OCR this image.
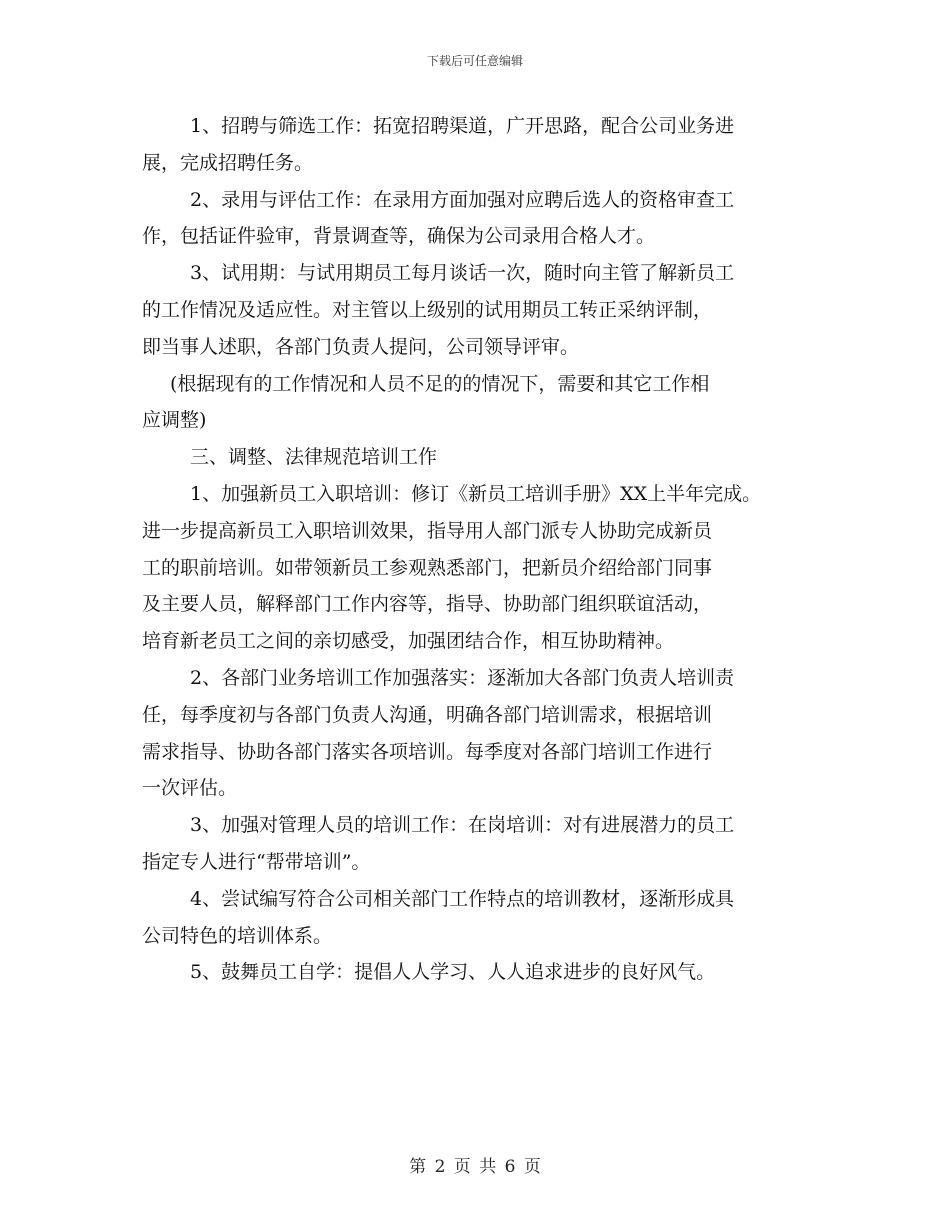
下载后可任意编辑
1、招聘与筛选工作：拓宽招聘渠道，广开思路，配合公司业务进
展，完成招聘任务。
2、录用与评估工作：在录用方面加强对应聘后选人的资格审查工
作，包括证件验审，背景调查等，确保为公司录用合格人才。
3、试用期：与试用期员工每月谈话一次，随时向主管了解新员工
的工作情况及适应性。对主管以上级别的试用期员工转正采纳评制，
即当事人述职，各部门负责人提问，公司领导评审。
(根据现有的工作情况和人员不足的的情况下，需要和其它工作相
应调整)
三、调整、法律规范培训工作
1、加强新员工入职培训：修订《新员工培训手册》XX上半年完成。
进一步提高新员工入职培训效果，指导用人部门派专人协助完成新员
工的职前培训。如带领新员工参观熟悉部门，把新员介绍给部门同事
及主要人员，解释部门工作内容等，指导、协助部门组织联谊活动，
培育新老员工之间的亲切感受，加强团结合作，相互协助精神。
2、各部门业务培训工作加强落实：逐渐加大各部门负责人培训责
任，每季度初与各部门负责人沟通，明确各部门培训需求，根据培训
需求指导、协助各部门落实各项培训。每季度对各部门培训工作进行
一次评估。
3、加强对管理人员的培训工作：在岗培训：对有进展潜力的员工
指定专人进行“帮带培训”。
4、尝试编写符合公司相关部门工作特点的培训教材，逐渐形成具
公司特色的培训体系。
5、鼓舞员工自学：提倡人人学习、人人追求进步的良好风气。
第 2 页 共 6 页
